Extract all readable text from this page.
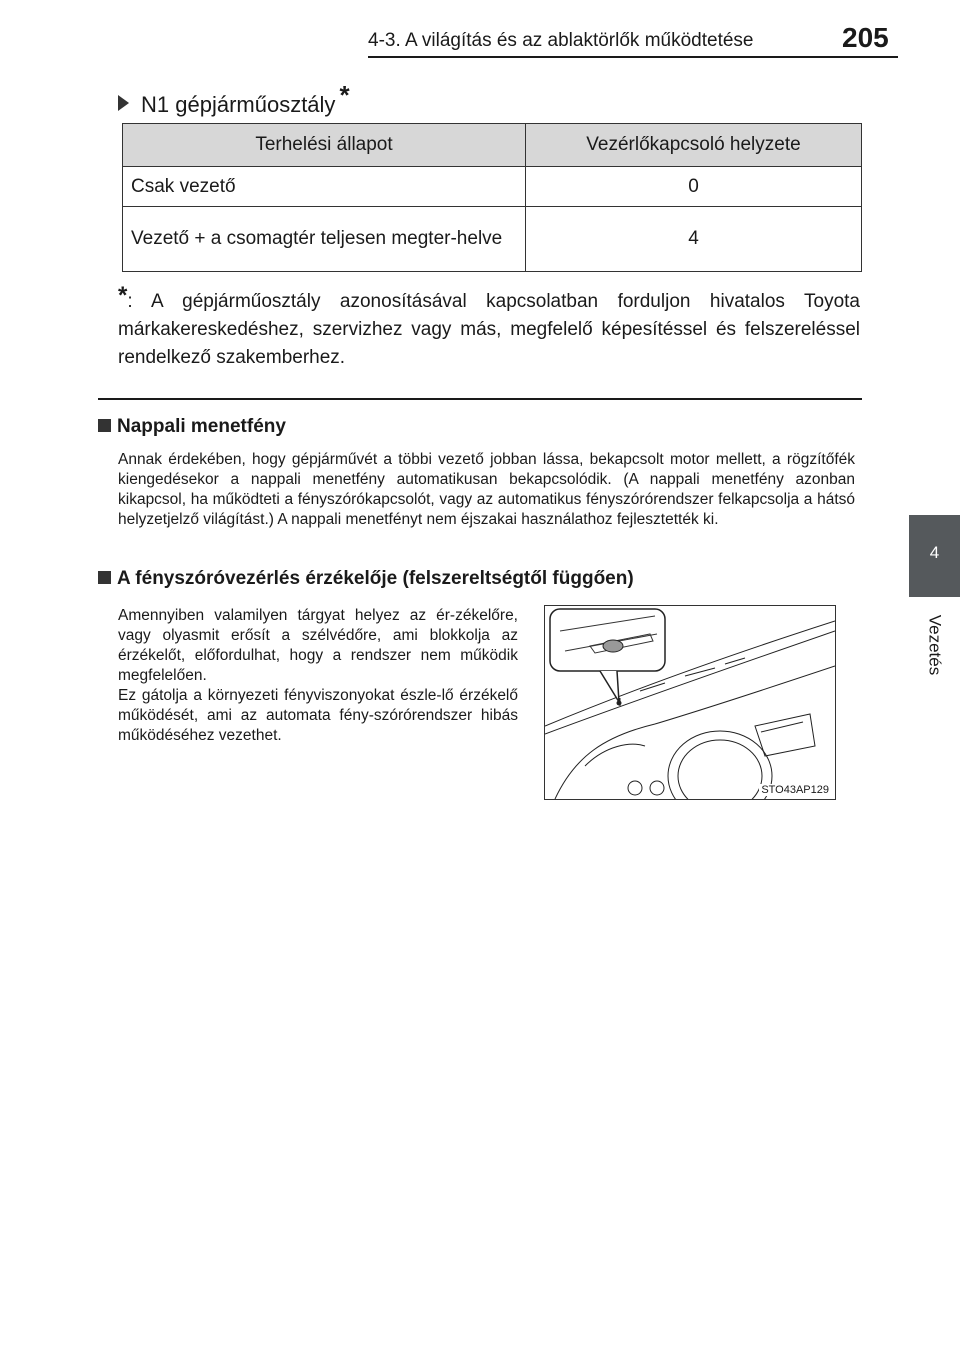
4-3. A világítás és az ablaktörlők működtetése	205
4
Vezetés
N1 gépjárműosztály *
Terhelési állapot	Vezérlőkapcsoló helyzete
Csak vezető	0
Vezető + a csomagtér teljesen megter-helve	4
*: A gépjárműosztály azonosításával kapcsolatban forduljon hivatalos Toyota márkakereskedéshez, szervizhez vagy más, megfelelő képesítéssel és felszereléssel rendelkező szakemberhez.
Nappali menetfény
Annak érdekében, hogy gépjárművét a többi vezető jobban lássa, bekapcsolt motor mellett, a rögzítőfék kiengedésekor a nappali menetfény automatikusan bekapcsolódik. (A nappali menetfény azonban kikapcsol, ha működteti a fényszórókapcsolót, vagy az automatikus fényszórórendszer felkapcsolja a hátsó helyzetjelző világítást.) A nappali menetfényt nem éjszakai használathoz fejlesztették ki.
A fényszóróvezérlés érzékelője (felszereltségtől függően)
Amennyiben valamilyen tárgyat helyez az ér-zékelőre, vagy olyasmit erősít a szélvédőre, ami blokkolja az érzékelőt, előfordulhat, hogy a rendszer nem működik megfelelően.
Ez gátolja a környezeti fényviszonyokat észle-lő érzékelő működését, ami az automata fény-szórórendszer hibás működéséhez vezethet.
STO43AP129
